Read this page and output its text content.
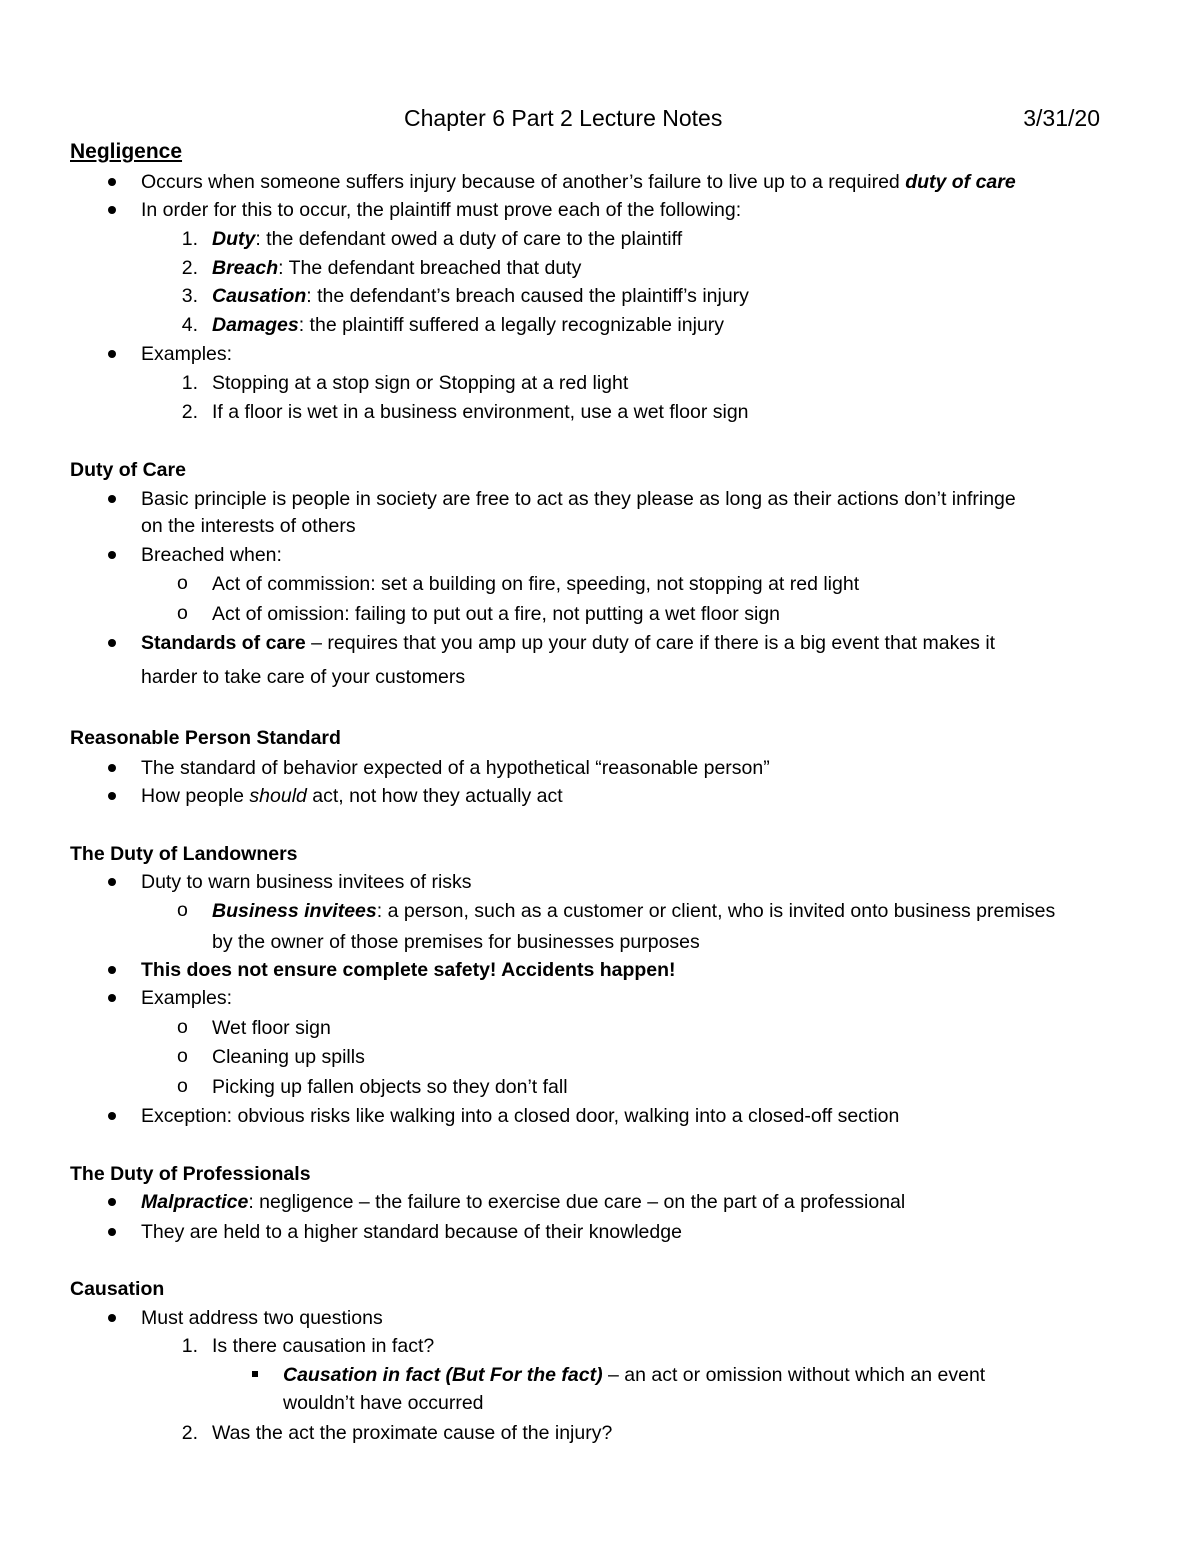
Chapter 6 Part 2 Lecture Notes	3/31/20
Negligence
Occurs when someone suffers injury because of another’s failure to live up to a required duty of care
In order for this to occur, the plaintiff must prove each of the following:
1. Duty: the defendant owed a duty of care to the plaintiff
2. Breach: The defendant breached that duty
3. Causation: the defendant’s breach caused the plaintiff’s injury
4. Damages: the plaintiff suffered a legally recognizable injury
Examples:
1. Stopping at a stop sign or Stopping at a red light
2. If a floor is wet in a business environment, use a wet floor sign
Duty of Care
Basic principle is people in society are free to act as they please as long as their actions don’t infringe
on the interests of others
Breached when:
o Act of commission: set a building on fire, speeding, not stopping at red light
o Act of omission: failing to put out a fire, not putting a wet floor sign
Standards of care – requires that you amp up your duty of care if there is a big event that makes it
harder to take care of your customers
Reasonable Person Standard
The standard of behavior expected of a hypothetical “reasonable person”
How people should act, not how they actually act
The Duty of Landowners
Duty to warn business invitees of risks
o Business invitees: a person, such as a customer or client, who is invited onto business premises
by the owner of those premises for businesses purposes
This does not ensure complete safety! Accidents happen!
Examples:
o Wet floor sign
o Cleaning up spills
o Picking up fallen objects so they don’t fall
Exception: obvious risks like walking into a closed door, walking into a closed-off section
The Duty of Professionals
Malpractice: negligence – the failure to exercise due care – on the part of a professional
They are held to a higher standard because of their knowledge
Causation
Must address two questions
1. Is there causation in fact?
Causation in fact (But For the fact) – an act or omission without which an event
wouldn’t have occurred
2. Was the act the proximate cause of the injury?
